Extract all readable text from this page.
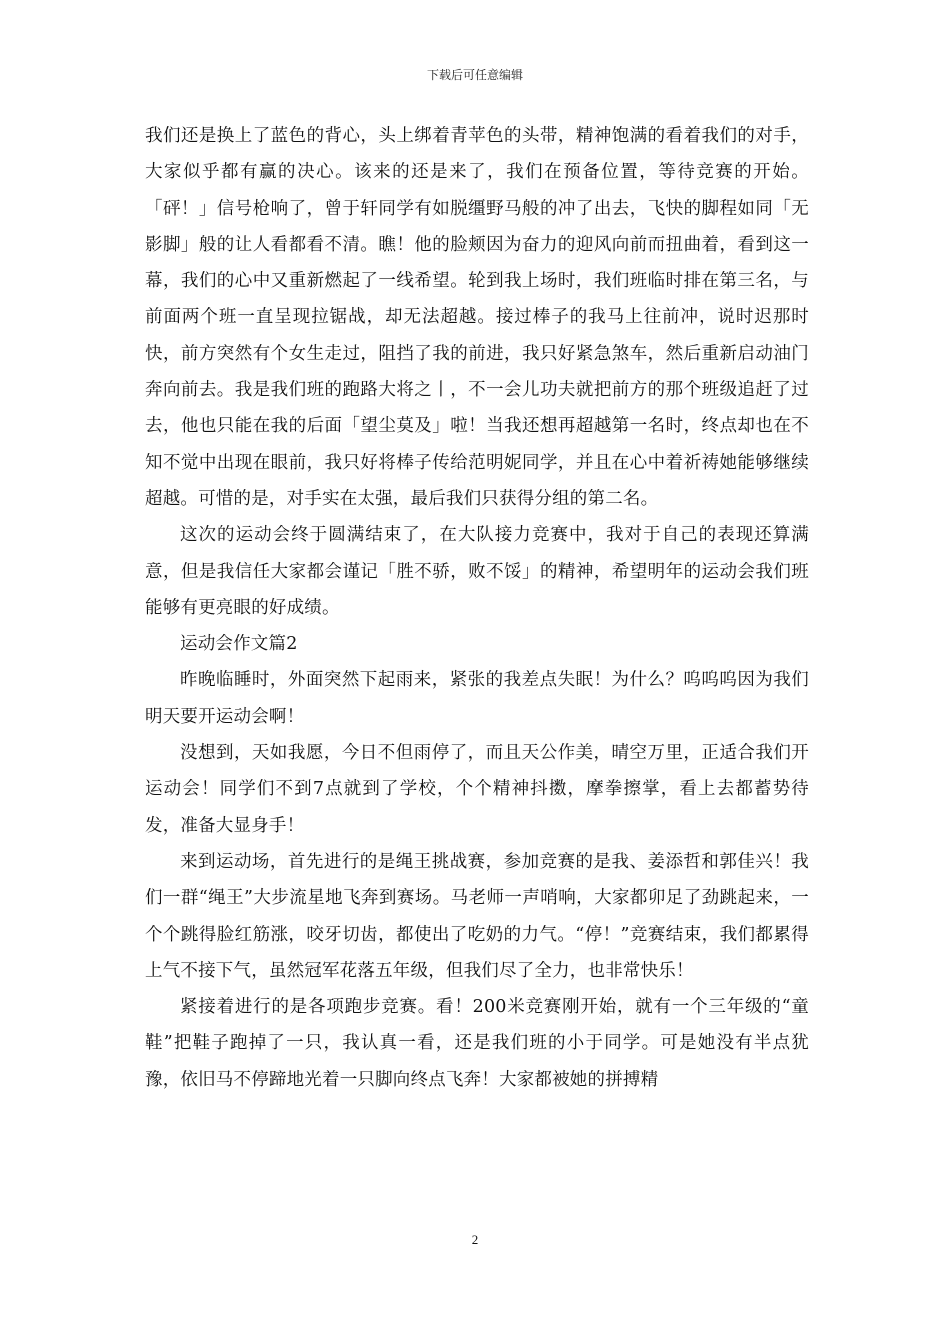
下载后可任意编辑

我们还是换上了蓝色的背心，头上绑着青苹色的头带，精神饱满的看着我们的对手，大家似乎都有赢的决心。该来的还是来了，我们在预备位置，等待竞赛的开始。「砰！」信号枪响了，曾于轩同学有如脱缰野马般的冲了出去，飞快的脚程如同「无影脚」般的让人看都看不清。瞧！他的脸颊因为奋力的迎风向前而扭曲着，看到这一幕，我们的心中又重新燃起了一线希望。轮到我上场时，我们班临时排在第三名，与前面两个班一直呈现拉锯战，却无法超越。接过棒子的我马上往前冲，说时迟那时快，前方突然有个女生走过，阻挡了我的前进，我只好紧急煞车，然后重新启动油门奔向前去。我是我们班的跑路大将之丨，不一会儿功夫就把前方的那个班级追赶了过去，他也只能在我的后面「望尘莫及」啦！当我还想再超越第一名时，终点却也在不知不觉中出现在眼前，我只好将棒子传给范明妮同学，并且在心中着祈祷她能够继续超越。可惜的是，对手实在太强，最后我们只获得分组的第二名。

这次的运动会终于圆满结束了，在大队接力竞赛中，我对于自己的表现还算满意，但是我信任大家都会谨记「胜不骄，败不馁」的精神，希望明年的运动会我们班能够有更亮眼的好成绩。

运动会作文篇2

昨晚临睡时，外面突然下起雨来，紧张的我差点失眠！为什么？呜呜呜因为我们明天要开运动会啊！

没想到，天如我愿，今日不但雨停了，而且天公作美，晴空万里，正适合我们开运动会！同学们不到7点就到了学校，个个精神抖擞，摩拳擦掌，看上去都蓄势待发，准备大显身手！

来到运动场，首先进行的是绳王挑战赛，参加竞赛的是我、姜添哲和郭佳兴！我们一群“绳王”大步流星地飞奔到赛场。马老师一声哨响，大家都卯足了劲跳起来，一个个跳得脸红筋涨，咬牙切齿，都使出了吃奶的力气。“停！”竞赛结束，我们都累得上气不接下气，虽然冠军花落五年级，但我们尽了全力，也非常快乐！

紧接着进行的是各项跑步竞赛。看！200米竞赛刚开始，就有一个三年级的“童鞋”把鞋子跑掉了一只，我认真一看，还是我们班的小于同学。可是她没有半点犹豫，依旧马不停蹄地光着一只脚向终点飞奔！大家都被她的拼搏精

2
